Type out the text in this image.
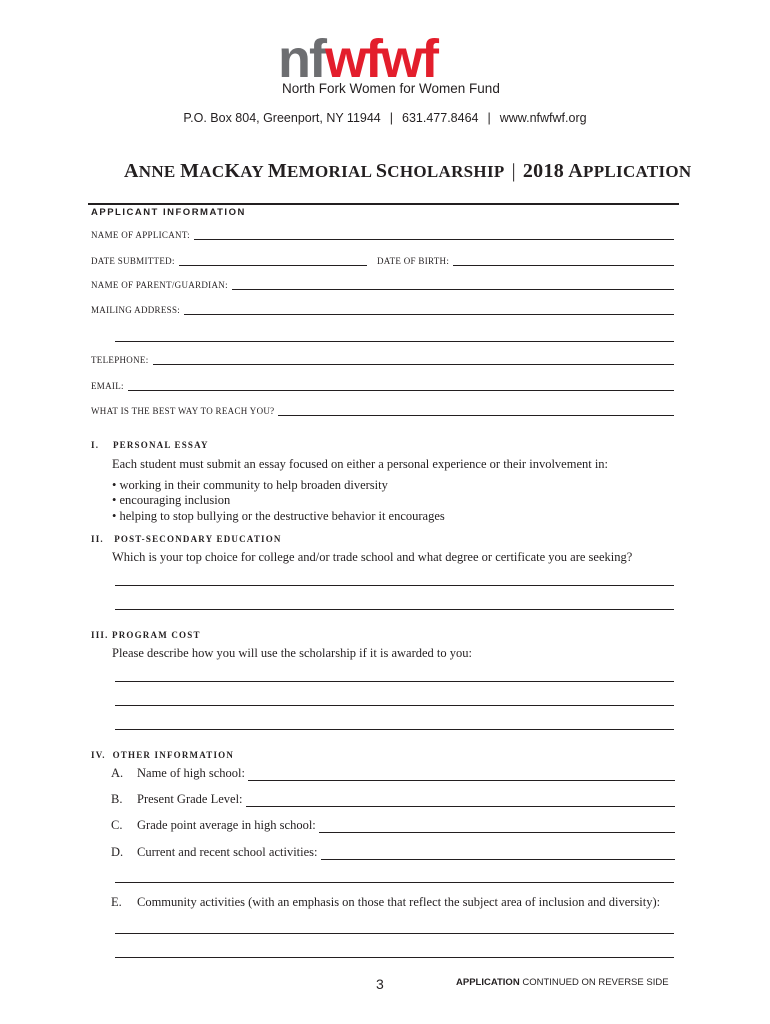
nfwfwf
North Fork Women for Women Fund
P.O. Box 804, Greenport, NY 11944 | 631.477.8464 | www.nfwfwf.org
ANNE MACKAY MEMORIAL SCHOLARSHIP | 2018 APPLICATION
APPLICANT INFORMATION
NAME OF APPLICANT:
DATE SUBMITTED:	DATE OF BIRTH:
NAME OF PARENT/GUARDIAN:
MAILING ADDRESS:
TELEPHONE:
EMAIL:
WHAT IS THE BEST WAY TO REACH YOU?
I.    PERSONAL ESSAY
Each student must submit an essay focused on either a personal experience or their involvement in:
• working in their community to help broaden diversity
• encouraging inclusion
• helping to stop bullying or the destructive behavior it encourages
II.   POST-SECONDARY EDUCATION
Which is your top choice for college and/or trade school and what degree or certificate you are seeking?
III. PROGRAM COST
Please describe how you will use the scholarship if it is awarded to you:
IV.  OTHER INFORMATION
A.	Name of high school:
B.	Present Grade Level:
C.	Grade point average in high school:
D.	Current and recent school activities:
E.	Community activities (with an emphasis on those that reflect the subject area of inclusion and diversity):
3	APPLICATION CONTINUED ON REVERSE SIDE
